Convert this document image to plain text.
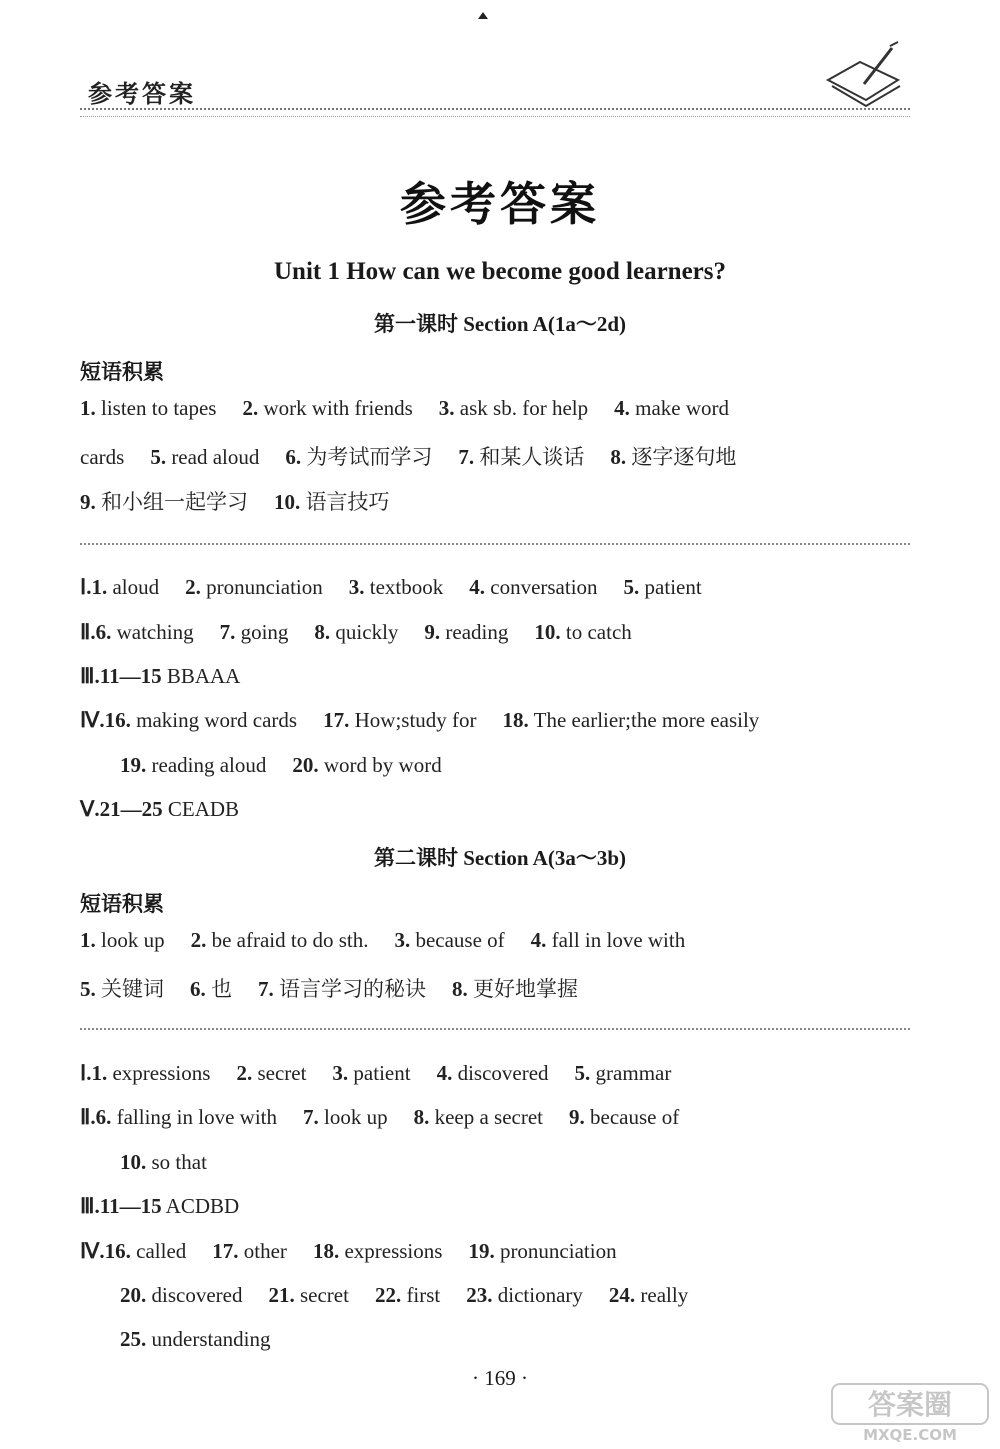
参考答案
参考答案
Unit 1 How can we become good learners?
第一课时 Section A(1a～2d)
短语积累
1. listen to tapes 2. work with friends 3. ask sb. for help 4. make word
cards 5. read aloud 6. 为考试而学习 7. 和某人谈话 8. 逐字逐句地
9. 和小组一起学习 10. 语言技巧
Ⅰ.1. aloud 2. pronunciation 3. textbook 4. conversation 5. patient
Ⅱ.6. watching 7. going 8. quickly 9. reading 10. to catch
Ⅲ.11—15 BBAAA
Ⅳ.16. making word cards 17. How;study for 18. The earlier;the more easily
19. reading aloud 20. word by word
Ⅴ.21—25 CEADB
第二课时 Section A(3a～3b)
短语积累
1. look up 2. be afraid to do sth. 3. because of 4. fall in love with
5. 关键词 6. 也 7. 语言学习的秘诀 8. 更好地掌握
Ⅰ.1. expressions 2. secret 3. patient 4. discovered 5. grammar
Ⅱ.6. falling in love with 7. look up 8. keep a secret 9. because of
10. so that
Ⅲ.11—15 ACDBD
Ⅳ.16. called 17. other 18. expressions 19. pronunciation
20. discovered 21. secret 22. first 23. dictionary 24. really
25. understanding
· 169 ·
答案圈
MXQE.COM
